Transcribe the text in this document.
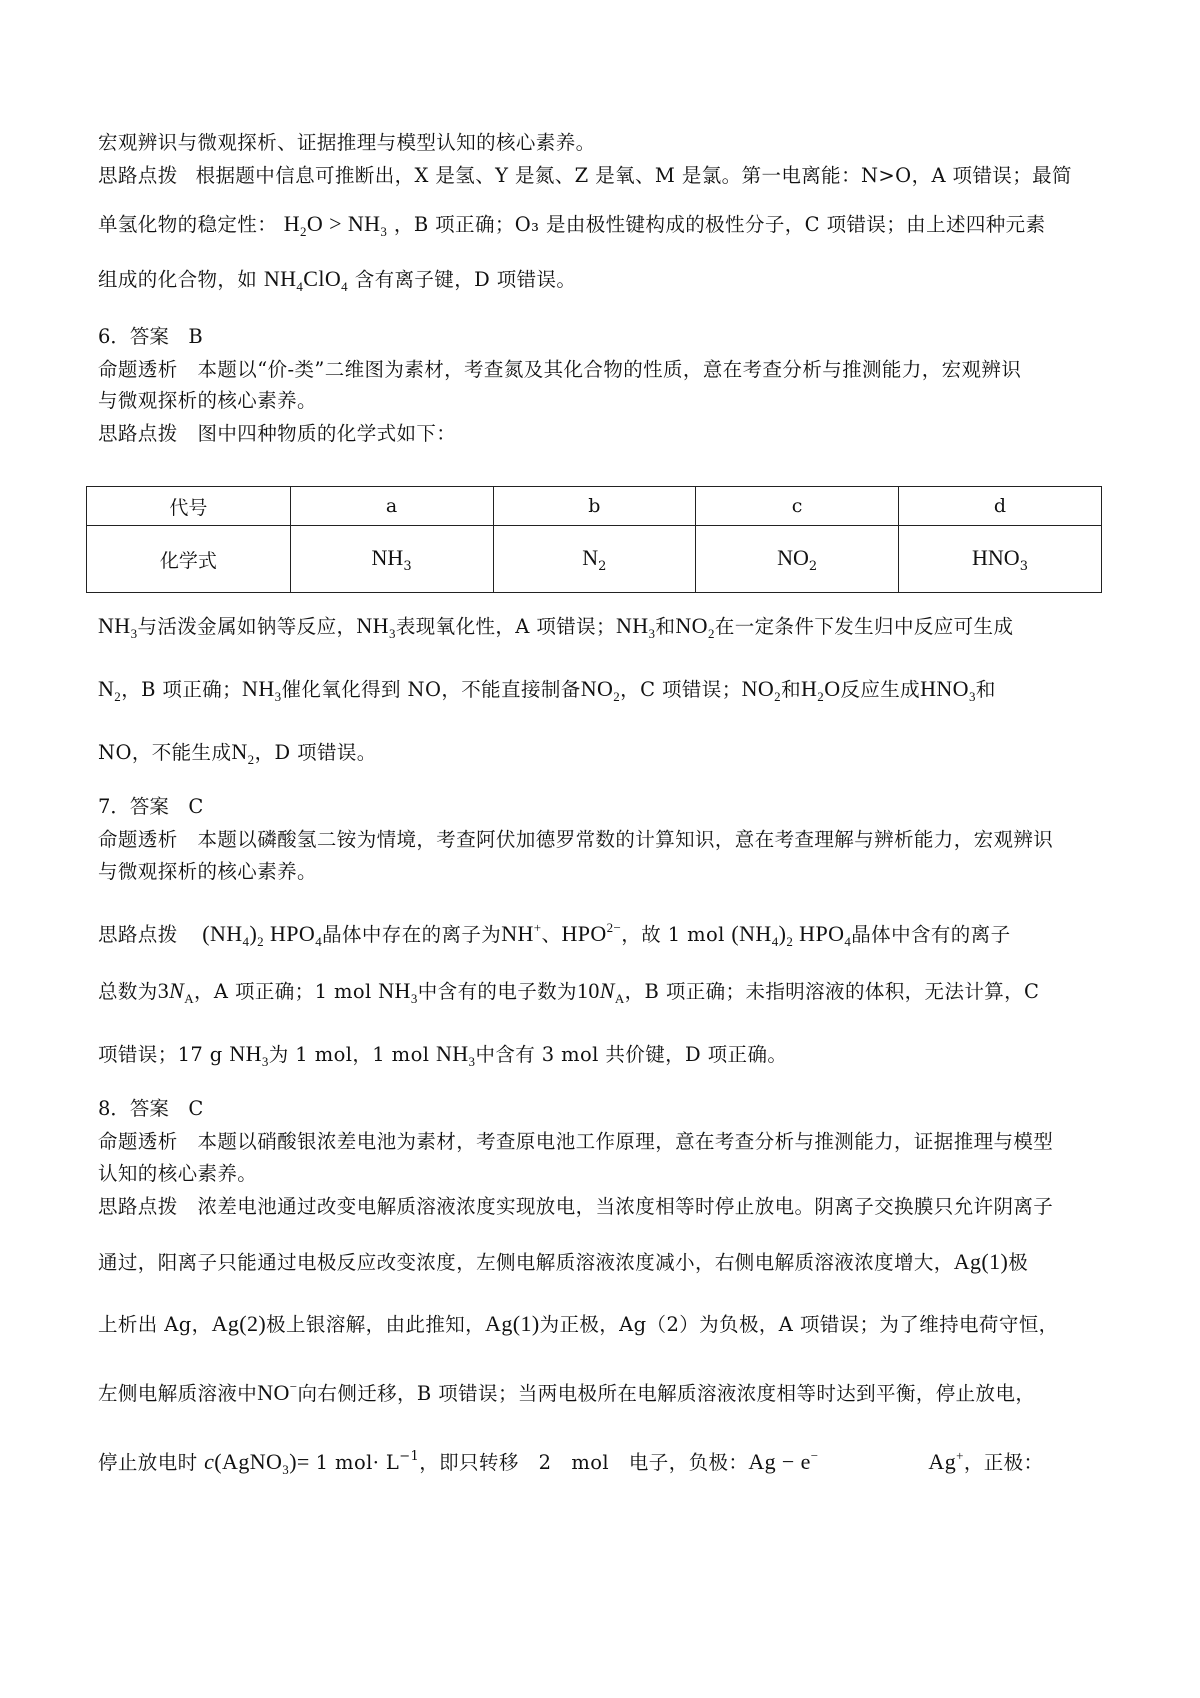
宏观辨识与微观探析、证据推理与模型认知的核心素养。
思路点拨 根据题中信息可推断出，X 是氢、Y 是氮、Z 是氧、M 是氯。第一电离能：N>O，A 项错误；最简
单氢化物的稳定性： $H_2O > NH_3$ ，B 项正确；O₃ 是由极性键构成的极性分子，C 项错误；由上述四种元素
组成的化合物，如 $NH_4ClO_4$ 含有离子键，D 项错误。
6．答案　B
命题透析　本题以“价-类”二维图为素材，考查氮及其化合物的性质，意在考查分析与推测能力，宏观辨识
与微观探析的核心素养。
思路点拨　图中四种物质的化学式如下：
代号	a	b	c	d
化学式	$NH_3$	$N_2$	$NO_2$	$HNO_3$
$NH_3$与活泼金属如钠等反应，$NH_3$表现氧化性，A 项错误；$NH_3$和$NO_2$在一定条件下发生归中反应可生成
$N_2$，B 项正确；$NH_3$催化氧化得到 NO，不能直接制备$NO_2$，C 项错误；$NO_2$和$H_2O$反应生成$HNO_3$和
NO，不能生成$N_2$，D 项错误。
7．答案　C
命题透析　本题以磷酸氢二铵为情境，考查阿伏加德罗常数的计算知识，意在考查理解与辨析能力，宏观辨识
与微观探析的核心素养。
思路点拨 $(NH_4)_2$ $HPO_4$晶体中存在的离子为NH+、$HPO^{2-}$，故 1 mol $(NH_4)_2$ $HPO_4$晶体中含有的离子
总数为$3N_A$，A 项正确；1 mol $NH_3$中含有的电子数为$10N_A$，B 项正确；未指明溶液的体积，无法计算，C
项错误；17 g $NH_3$为 1 mol，1 mol $NH_3$中含有 3 mol 共价键，D 项正确。
8．答案　C
命题透析　本题以硝酸银浓差电池为素材，考查原电池工作原理，意在考查分析与推测能力，证据推理与模型
认知的核心素养。
思路点拨　浓差电池通过改变电解质溶液浓度实现放电，当浓度相等时停止放电。阴离子交换膜只允许阴离子
通过，阳离子只能通过电极反应改变浓度，左侧电解质溶液浓度减小，右侧电解质溶液浓度增大，Ag(1)极
上析出 Ag，Ag(2)极上银溶解，由此推知，Ag(1)为正极，Ag（2）为负极，A 项错误；为了维持电荷守恒，
左侧电解质溶液中NO−向右侧迁移，B 项错误；当两电极所在电解质溶液浓度相等时达到平衡，停止放电，
停止放电时 c(AgNO$_3$)= 1 $mol\cdot L^{-1}$，即只转移　2　mol　电子，负极：Ag − e−	Ag+，正极：
